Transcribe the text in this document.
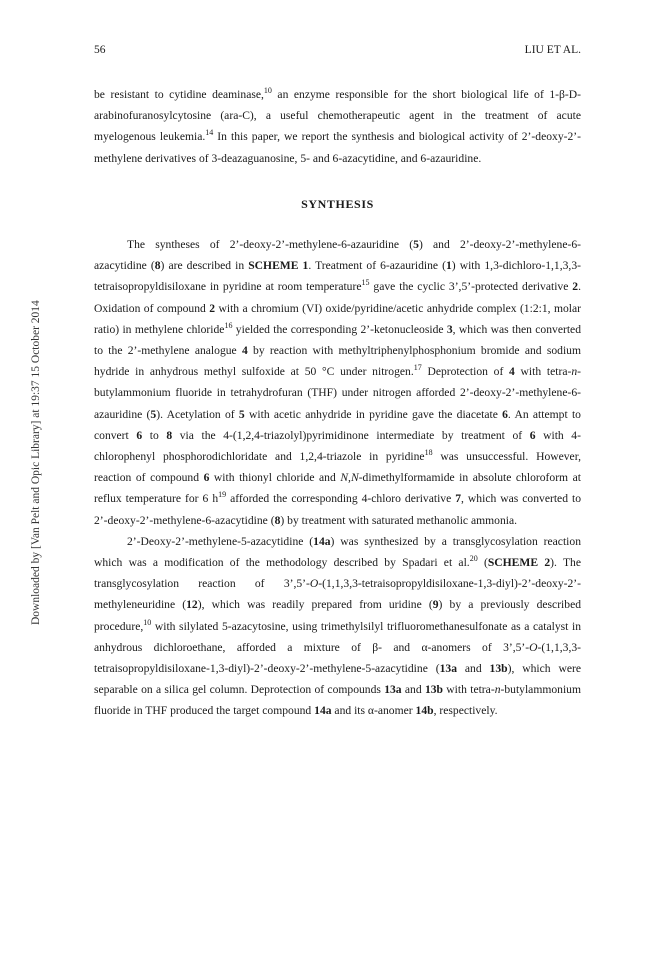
56	LIU ET AL.
Downloaded by [Van Pelt and Opic Library] at 19:37 15 October 2014

be resistant to cytidine deaminase,$^{10}$ an enzyme responsible for the short biological life of 1-β-D-arabinofuranosylcytosine (ara-C), a useful chemotherapeutic agent in the treatment of acute myelogenous leukemia.$^{14}$ In this paper, we report the synthesis and biological activity of 2’-deoxy-2’-methylene derivatives of 3-deazaguanosine, 5- and 6-azacytidine, and 6-azauridine.

SYNTHESIS

The syntheses of 2’-deoxy-2’-methylene-6-azauridine (5) and 2’-deoxy-2’-methylene-6-azacytidine (8) are described in SCHEME 1. Treatment of 6-azauridine (1) with 1,3-dichloro-1,1,3,3-tetraisopropyldisiloxane in pyridine at room temperature$^{15}$ gave the cyclic 3’,5’-protected derivative 2. Oxidation of compound 2 with a chromium (VI) oxide/pyridine/acetic anhydride complex (1:2:1, molar ratio) in methylene chloride$^{16}$ yielded the corresponding 2’-ketonucleoside 3, which was then converted to the 2’-methylene analogue 4 by reaction with methyltriphenylphosphonium bromide and sodium hydride in anhydrous methyl sulfoxide at 50 °C under nitrogen.$^{17}$ Deprotection of 4 with tetra-n-butylammonium fluoride in tetrahydrofuran (THF) under nitrogen afforded 2’-deoxy-2’-methylene-6-azauridine (5). Acetylation of 5 with acetic anhydride in pyridine gave the diacetate 6. An attempt to convert 6 to 8 via the 4-(1,2,4-triazolyl)pyrimidinone intermediate by treatment of 6 with 4-chlorophenyl phosphorodichloridate and 1,2,4-triazole in pyridine$^{18}$ was unsuccessful. However, reaction of compound 6 with thionyl chloride and N,N-dimethylformamide in absolute chloroform at reflux temperature for 6 $h^{19}$ afforded the corresponding 4-chloro derivative 7, which was converted to 2’-deoxy-2’-methylene-6-azacytidine (8) by treatment with saturated methanolic ammonia.

2’-Deoxy-2’-methylene-5-azacytidine (14a) was synthesized by a transglycosylation reaction which was a modification of the methodology described by Spadari et al.$^{20}$ (SCHEME 2). The transglycosylation reaction of 3’,5’-O-(1,1,3,3-tetraisopropyldisiloxane-1,3-diyl)-2’-deoxy-2’-methyleneuridine (12), which was readily prepared from uridine (9) by a previously described procedure,$^{10}$ with silylated 5-azacytosine, using trimethylsilyl trifluoromethanesulfonate as a catalyst in anhydrous dichloroethane, afforded a mixture of β- and α-anomers of 3’,5’-O-(1,1,3,3-tetraisopropyldisiloxane-1,3-diyl)-2’-deoxy-2’-methylene-5-azacytidine (13a and 13b), which were separable on a silica gel column. Deprotection of compounds 13a and 13b with tetra-n-butylammonium fluoride in THF produced the target compound 14a and its α-anomer 14b, respectively.
